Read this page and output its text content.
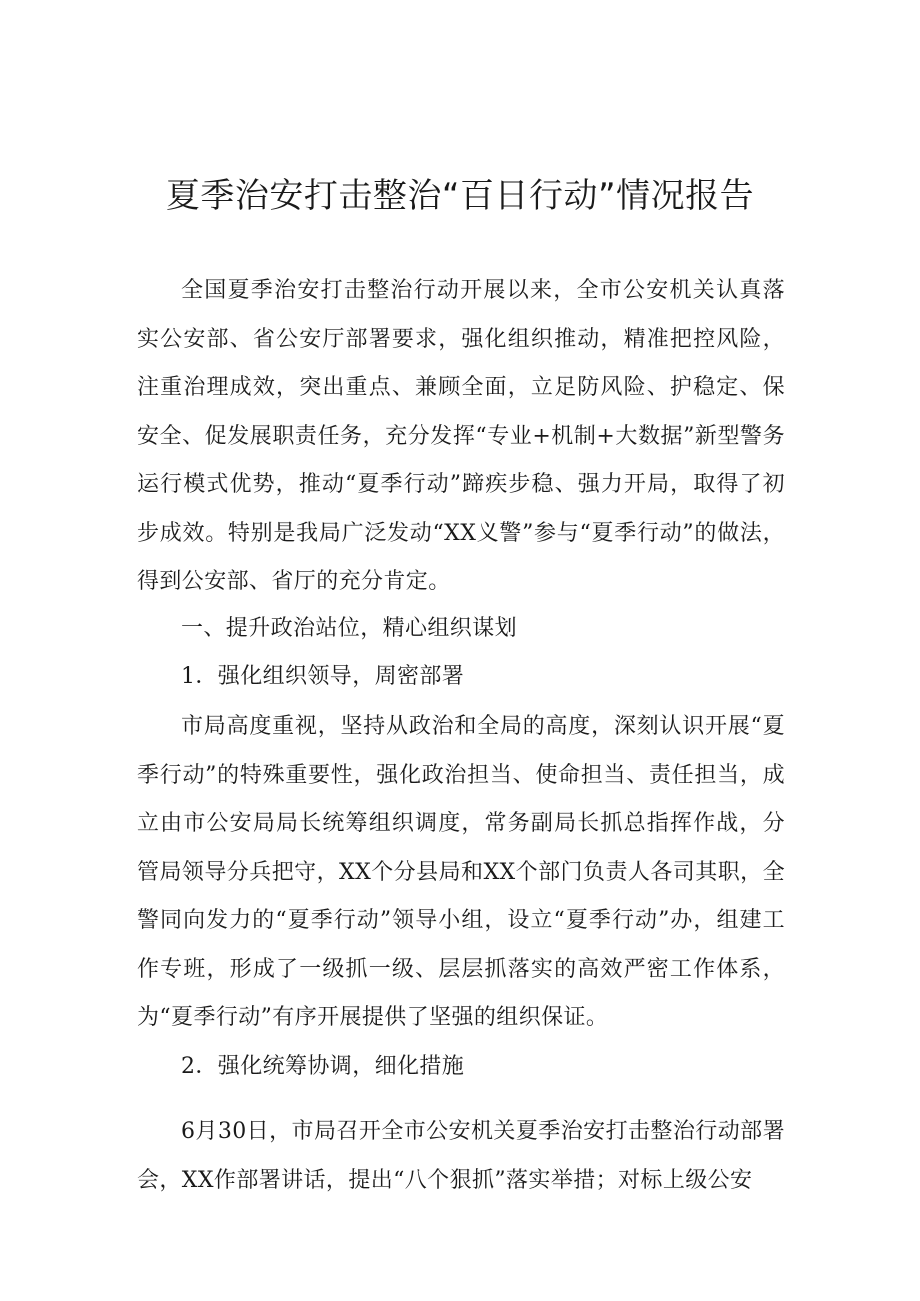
夏季治安打击整治“百日行动”情况报告

全国夏季治安打击整治行动开展以来，全市公安机关认真落实公安部、省公安厅部署要求，强化组织推动，精准把控风险，注重治理成效，突出重点、兼顾全面，立足防风险、护稳定、保安全、促发展职责任务，充分发挥“专业+机制+大数据”新型警务运行模式优势，推动“夏季行动”蹄疾步稳、强力开局，取得了初步成效。特别是我局广泛发动“XX义警”参与“夏季行动”的做法，得到公安部、省厅的充分肯定。

一、提升政治站位，精心组织谋划

1．强化组织领导，周密部署

市局高度重视，坚持从政治和全局的高度，深刻认识开展“夏季行动”的特殊重要性，强化政治担当、使命担当、责任担当，成立由市公安局局长统筹组织调度，常务副局长抓总指挥作战，分管局领导分兵把守，XX个分县局和XX个部门负责人各司其职，全警同向发力的“夏季行动”领导小组，设立“夏季行动”办，组建工作专班，形成了一级抓一级、层层抓落实的高效严密工作体系，为“夏季行动”有序开展提供了坚强的组织保证。

2．强化统筹协调，细化措施

6月30日，市局召开全市公安机关夏季治安打击整治行动部署会，XX作部署讲话，提出“八个狠抓”落实举措；对标上级公安
